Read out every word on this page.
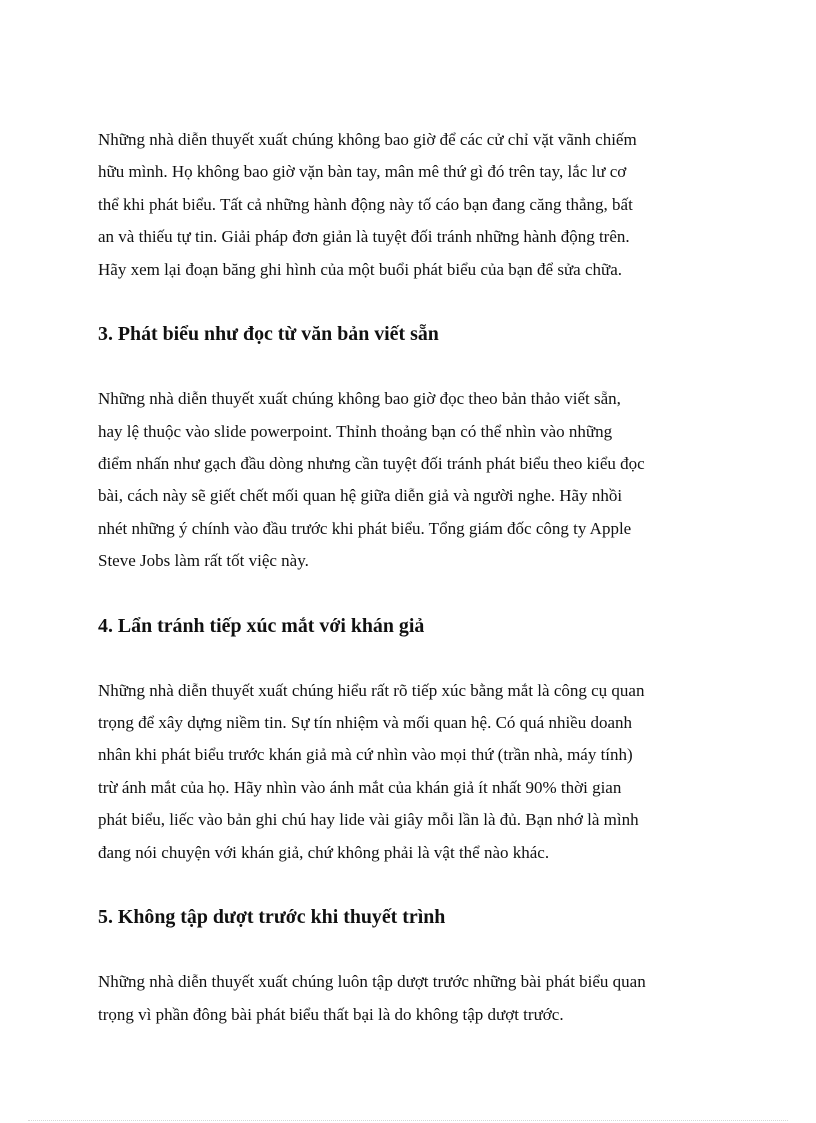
Những nhà diễn thuyết xuất chúng không bao giờ để các cử chỉ vặt vãnh chiếm
hữu mình. Họ không bao giờ vặn bàn tay, mân mê thứ gì đó trên tay, lắc lư cơ
thể khi phát biểu. Tất cả những hành động này tố cáo bạn đang căng thẳng, bất
an và thiếu tự tin. Giải pháp đơn giản là tuyệt đối tránh những hành động trên.
Hãy xem lại đoạn băng ghi hình của một buổi phát biểu của bạn để sửa chữa.

3. Phát biểu như đọc từ văn bản viết sẵn

Những nhà diễn thuyết xuất chúng không bao giờ đọc theo bản thảo viết sẵn,
hay lệ thuộc vào slide powerpoint. Thỉnh thoảng bạn có thể nhìn vào những
điểm nhấn như gạch đầu dòng nhưng cần tuyệt đối tránh phát biểu theo kiểu đọc
bài, cách này sẽ giết chết mối quan hệ giữa diễn giả và người nghe. Hãy nhồi
nhét những ý chính vào đầu trước khi phát biểu. Tổng giám đốc công ty Apple
Steve Jobs làm rất tốt việc này.

4. Lẩn tránh tiếp xúc mắt với khán giả

Những nhà diễn thuyết xuất chúng hiểu rất rõ tiếp xúc bằng mắt là công cụ quan
trọng để xây dựng niềm tin. Sự tín nhiệm và mối quan hệ. Có quá nhiều doanh
nhân khi phát biểu trước khán giả mà cứ nhìn vào mọi thứ (trần nhà, máy tính)
trừ ánh mắt của họ. Hãy nhìn vào ánh mắt của khán giả ít nhất 90% thời gian
phát biểu, liếc vào bản ghi chú hay lide vài giây mỗi lần là đủ. Bạn nhớ là mình
đang nói chuyện với khán giả, chứ không phải là vật thể nào khác.

5. Không tập dượt trước khi thuyết trình

Những nhà diễn thuyết xuất chúng luôn tập dượt trước những bài phát biểu quan
trọng vì phần đông bài phát biểu thất bại là do không tập dượt trước.
